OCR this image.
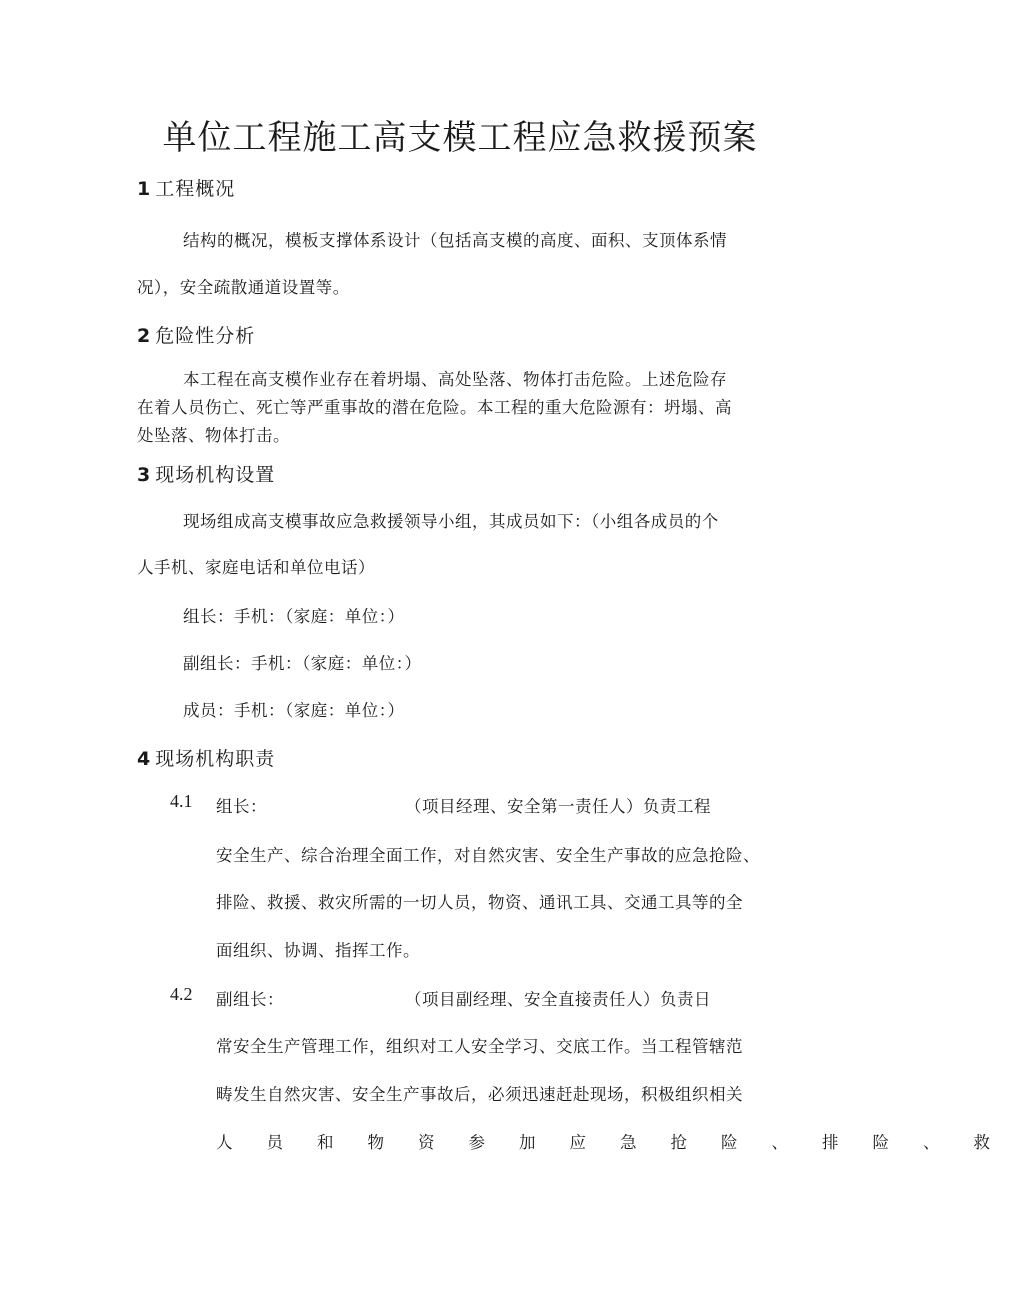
单位工程施工高支模工程应急救援预案
1 工程概况
结构的概况，模板支撑体系设计（包括高支模的高度、面积、支顶体系情
况），安全疏散通道设置等。
2 危险性分析
本工程在高支模作业存在着坍塌、高处坠落、物体打击危险。上述危险存
在着人员伤亡、死亡等严重事故的潜在危险。本工程的重大危险源有：坍塌、高
处坠落、物体打击。
3 现场机构设置
现场组成高支模事故应急救援领导小组，其成员如下：（小组各成员的个
人手机、家庭电话和单位电话）
组长：手机：（家庭：单位：）
副组长：手机：（家庭：单位：）
成员：手机：（家庭：单位：）
4 现场机构职责
4.1 组长：	（项目经理、安全第一责任人）负责工程
安全生产、综合治理全面工作，对自然灾害、安全生产事故的应急抢险、
排险、救援、救灾所需的一切人员，物资、通讯工具、交通工具等的全
面组织、协调、指挥工作。
4.2 副组长：	（项目副经理、安全直接责任人）负责日
常安全生产管理工作，组织对工人安全学习、交底工作。当工程管辖范
畴发生自然灾害、安全生产事故后，必须迅速赶赴现场，积极组织相关
人员和物资参加应急抢险、排险、救
